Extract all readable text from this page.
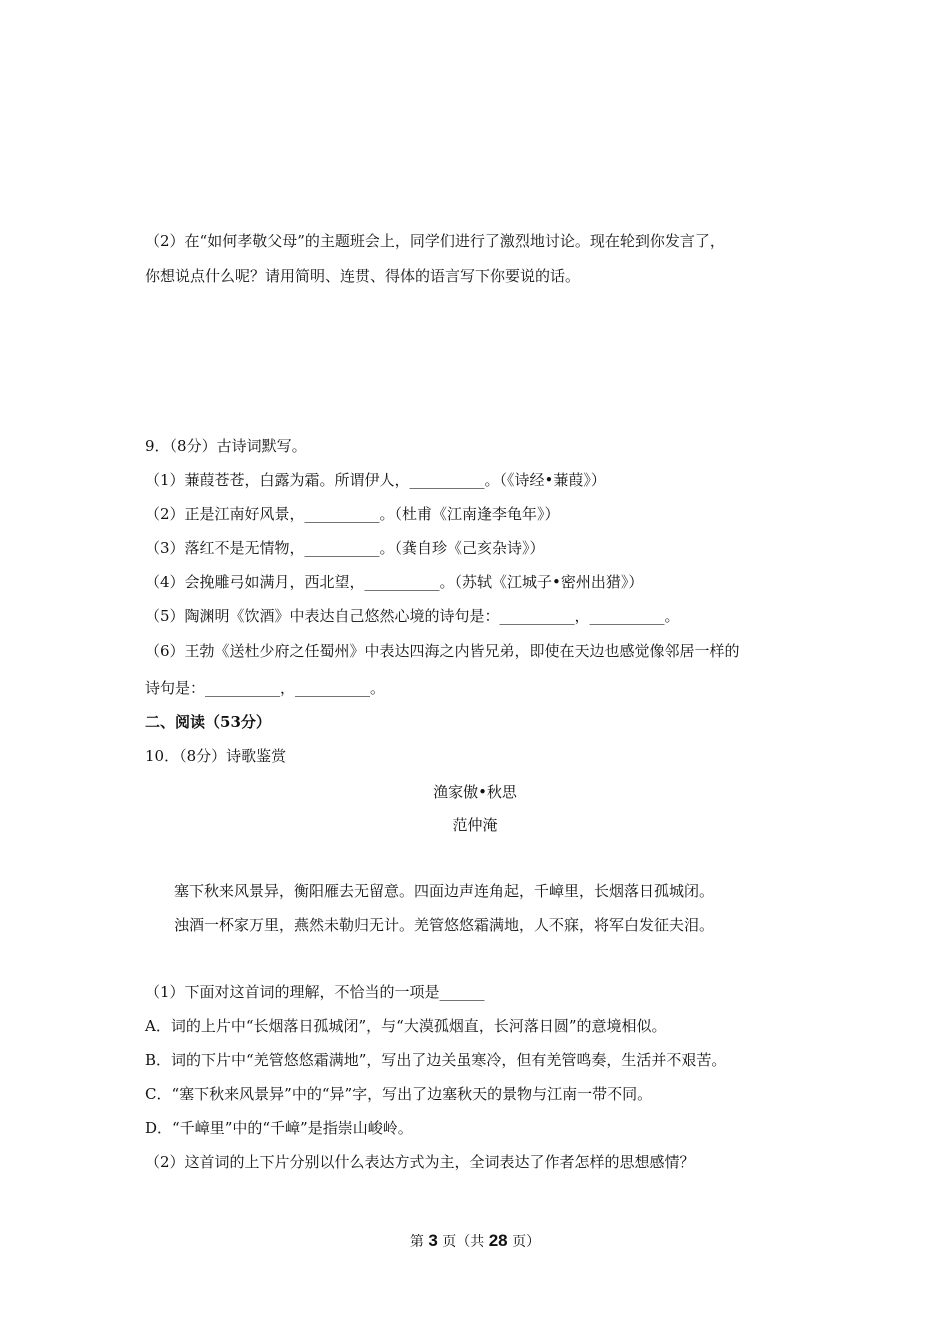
（2）在“如何孝敬父母”的主题班会上，同学们进行了激烈地讨论。现在轮到你发言了，
你想说点什么呢？请用简明、连贯、得体的语言写下你要说的话。
9．（8分）古诗词默写。
（1）蒹葭苍苍，白露为霜。所谓伊人，__________。（《诗经•蒹葭》）
（2）正是江南好风景，__________。（杜甫《江南逢李龟年》）
（3）落红不是无情物，__________。（龚自珍《己亥杂诗》）
（4）会挽雕弓如满月，西北望，__________。（苏轼《江城子•密州出猎》）
（5）陶渊明《饮酒》中表达自己悠然心境的诗句是：__________，__________。
（6）王勃《送杜少府之任蜀州》中表达四海之内皆兄弟，即使在天边也感觉像邻居一样的
诗句是：__________，__________。
二、阅读（53分）
10．（8分）诗歌鉴赏
渔家傲•秋思
范仲淹
塞下秋来风景异，衡阳雁去无留意。四面边声连角起，千嶂里，长烟落日孤城闭。
浊酒一杯家万里，燕然未勒归无计。羌管悠悠霜满地，人不寐，将军白发征夫泪。
（1）下面对这首词的理解，不恰当的一项是______
A．词的上片中“长烟落日孤城闭”，与“大漠孤烟直，长河落日圆”的意境相似。
B．词的下片中“羌管悠悠霜满地”，写出了边关虽寒冷，但有羌管鸣奏，生活并不艰苦。
C．“塞下秋来风景异”中的“异”字，写出了边塞秋天的景物与江南一带不同。
D．“千嶂里”中的“千嶂”是指崇山峻岭。
（2）这首词的上下片分别以什么表达方式为主，全词表达了作者怎样的思想感情？
第 3 页（共 28 页）
